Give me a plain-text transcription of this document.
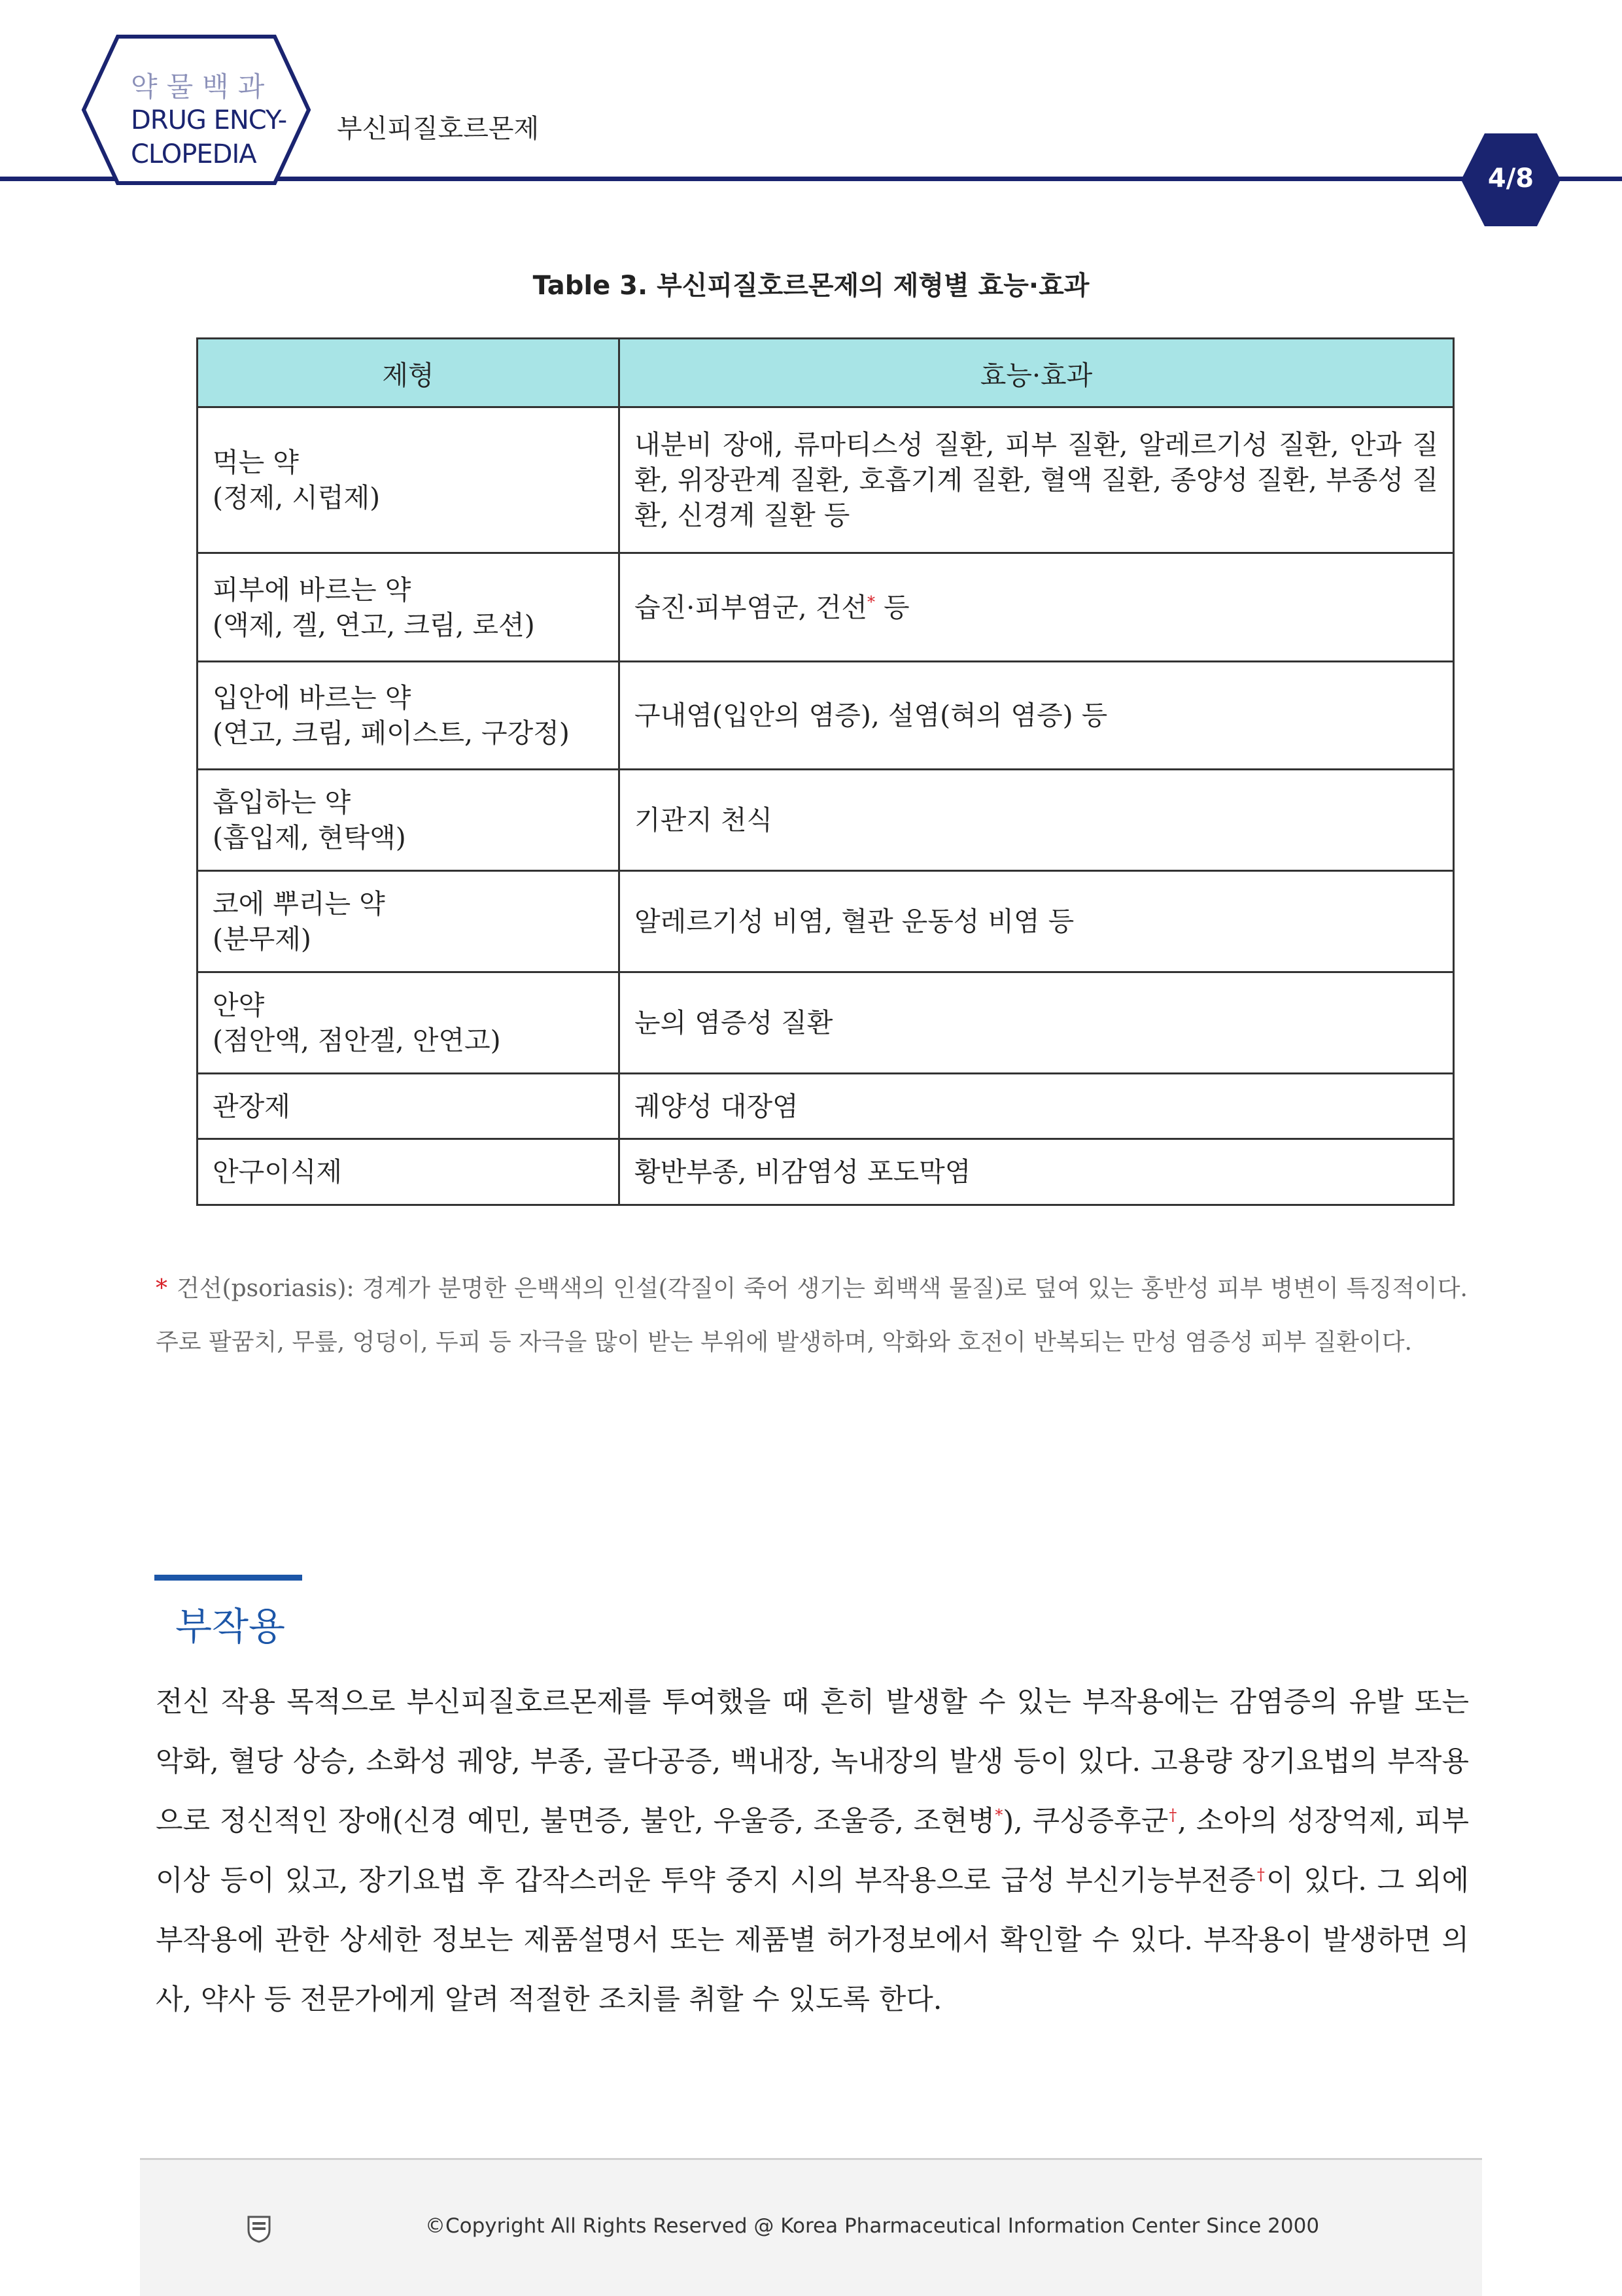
약물백과
DRUG ENCY-
CLOPEDIA
부신피질호르몬제
4/8
Table 3. 부신피질호르몬제의 제형별 효능·효과
제형	효능·효과

먹는 약
(정제, 시럽제)	내분비 장애, 류마티스성 질환, 피부 질환, 알레르기성 질환, 안과 질환, 위장관계 질환, 호흡기계 질환, 혈액 질환, 종양성 질환, 부종성 질환, 신경계 질환 등

피부에 바르는 약
(액제, 겔, 연고, 크림, 로션)	습진·피부염군, 건선* 등

입안에 바르는 약
(연고, 크림, 페이스트, 구강정)	구내염(입안의 염증), 설염(혀의 염증) 등

흡입하는 약
(흡입제, 현탁액)	기관지 천식

코에 뿌리는 약
(분무제)	알레르기성 비염, 혈관 운동성 비염 등

안약
(점안액, 점안겔, 안연고)	눈의 염증성 질환
관장제	궤양성 대장염
안구이식제	황반부종, 비감염성 포도막염
* 건선(psoriasis): 경계가 분명한 은백색의 인설(각질이 죽어 생기는 회백색 물질)로 덮여 있는 홍반성 피부 병변이 특징적이다. 주로 팔꿈치, 무릎, 엉덩이, 두피 등 자극을 많이 받는 부위에 발생하며, 악화와 호전이 반복되는 만성 염증성 피부 질환이다.
부작용
전신 작용 목적으로 부신피질호르몬제를 투여했을 때 흔히 발생할 수 있는 부작용에는 감염증의 유발 또는 악화, 혈당 상승, 소화성 궤양, 부종, 골다공증, 백내장, 녹내장의 발생 등이 있다. 고용량 장기요법의 부작용으로 정신적인 장애(신경 예민, 불면증, 불안, 우울증, 조울증, 조현병*), 쿠싱증후군†, 소아의 성장억제, 피부 이상 등이 있고, 장기요법 후 갑작스러운 투약 중지 시의 부작용으로 급성 부신기능부전증†이 있다. 그 외에 부작용에 관한 상세한 정보는 제품설명서 또는 제품별 허가정보에서 확인할 수 있다. 부작용이 발생하면 의사, 약사 등 전문가에게 알려 적절한 조치를 취할 수 있도록 한다.
©Copyright All Rights Reserved @ Korea Pharmaceutical Information Center Since 2000
